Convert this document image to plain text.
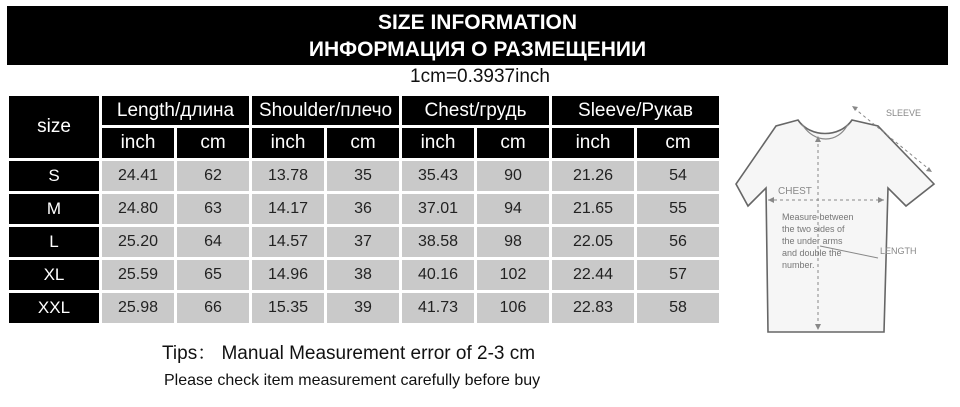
SIZE INFORMATION
ИНФОРМАЦИЯ О РАЗМЕЩЕНИИ
1cm=0.3937inch
size	Length/длина		Shoulder/плечо		Chest/грудь		Sleeve/Рукав	
	inch	cm	inch	cm	inch	cm	inch	cm
S	24.41	62	13.78	35	35.43	90	21.26	54
M	24.80	63	14.17	36	37.01	94	21.65	55
L	25.20	64	14.57	37	38.58	98	22.05	56
XL	25.59	65	14.96	38	40.16	102	22.44	57
XXL	25.98	66	15.35	39	41.73	106	22.83	58
Tips： Manual Measurement error of 2-3 cm
Please check item measurement carefully before buy
SLEEVE
CHEST
LENGTH
Measure between
the two sides of
the under arms
and double the
number.
